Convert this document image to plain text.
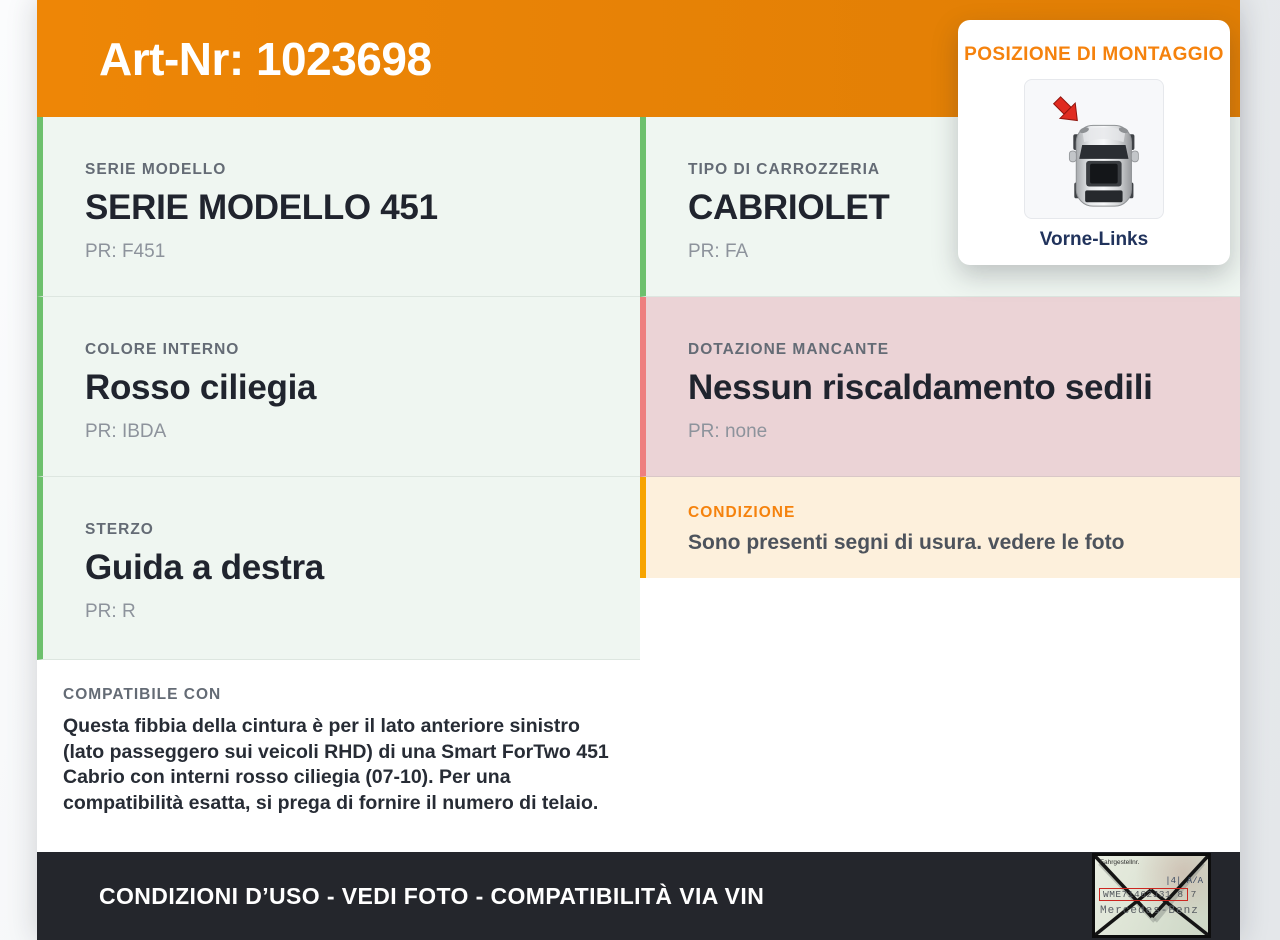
Art-Nr: 1023698	POSIZIONE DI MONTAGGIO
Vorne-Links
SERIE MODELLO
SERIE MODELLO 451
PR: F451
COLORE INTERNO
Rosso ciliegia
PR: IBDA
STERZO
Guida a destra
PR: R
COMPATIBILE CON

Questa fibbia della cintura è per il lato anteriore sinistro (lato passeggero sui veicoli RHD) di una Smart ForTwo 451 Cabrio con interni rosso ciliegia (07-10). Per una compatibilità esatta, si prega di fornire il numero di telaio.

TIPO DI CARROZZERIA
CABRIOLET
PR: FA
DOTAZIONE MANCANTE
Nessun riscaldamento sedili
PR: none
CONDIZIONE
Sono presenti segni di usura. vedere le foto
CONDIZIONI D’USO - VEDI FOTO - COMPATIBILITÀ VIA VIN
Fahrgestellnr.
|4| A/A
WME71462J31 8 7
Mercedes-Benz
